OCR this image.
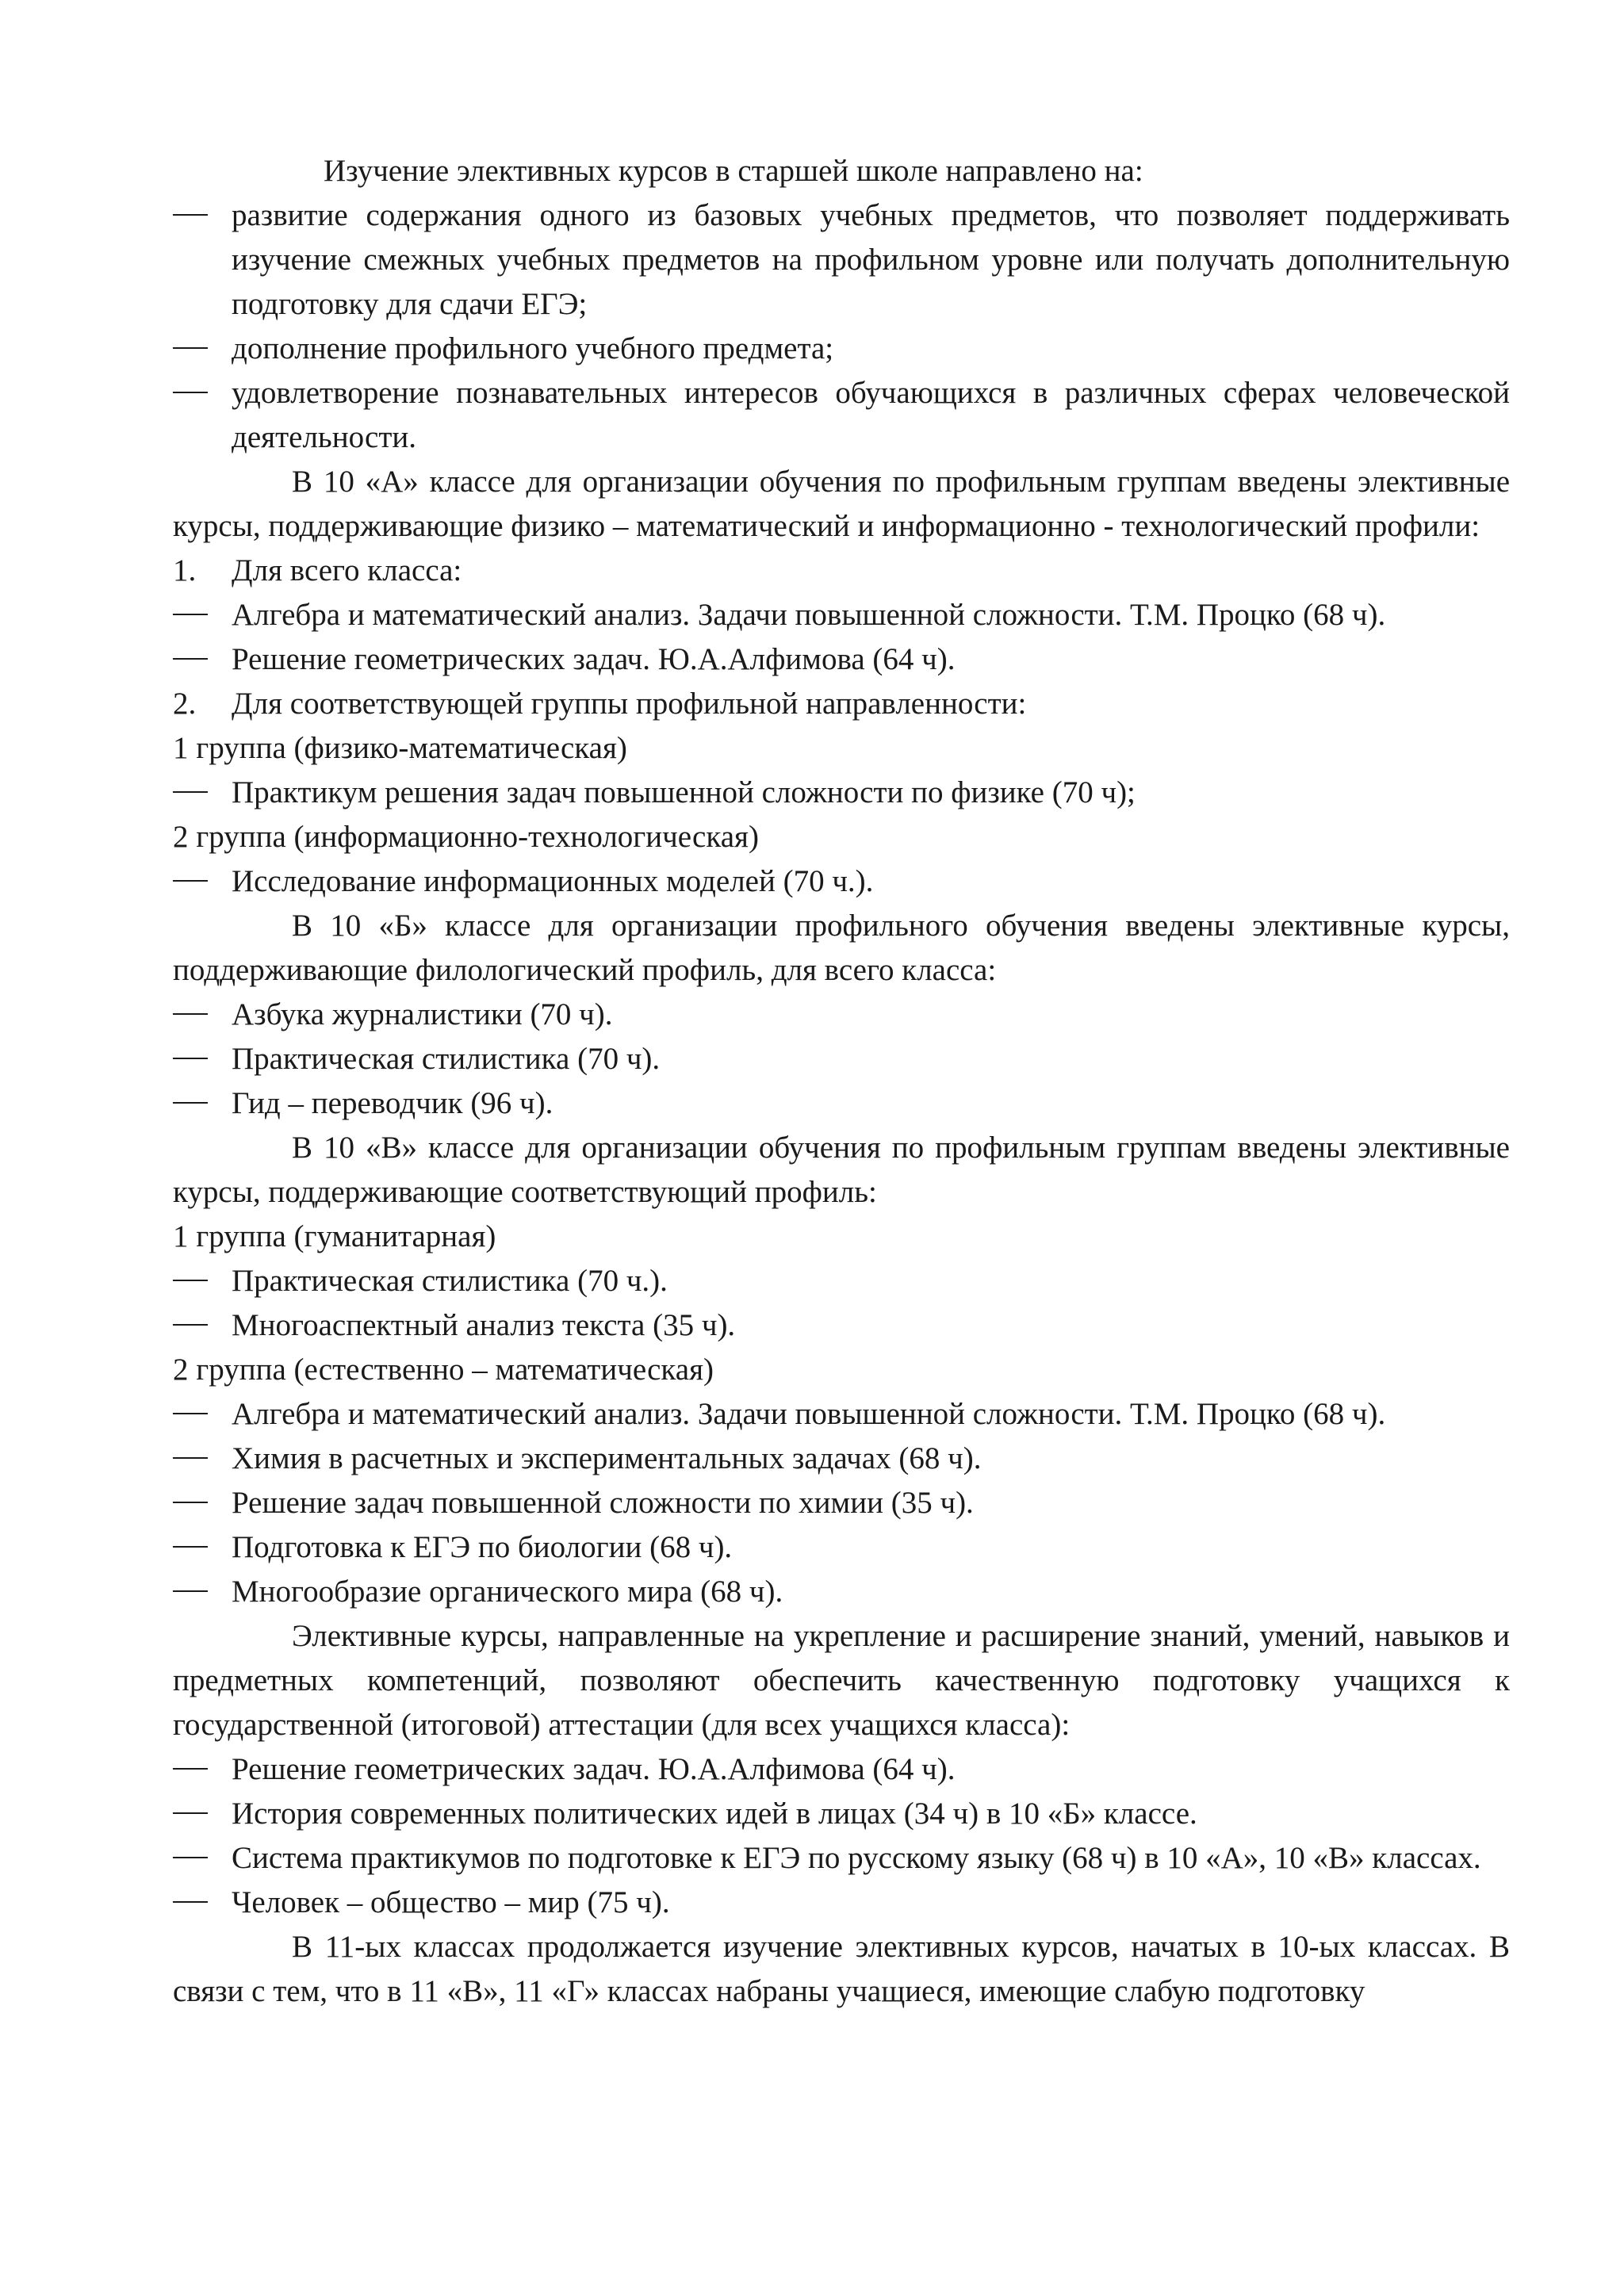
Изучение элективных курсов в старшей школе направлено на:

развитие содержания одного из базовых учебных предметов, что позволяет поддерживать изучение смежных учебных предметов на профильном уровне или получать дополнительную подготовку для сдачи ЕГЭ;
дополнение профильного учебного предмета;
удовлетворение познавательных интересов обучающихся в различных сферах человеческой деятельности.

В 10 «А» классе для организации обучения по профильным группам введены элективные курсы, поддерживающие физико – математический и информационно - технологический профили:

1.	Для всего класса:
Алгебра и математический анализ. Задачи повышенной сложности. Т.М. Процко (68 ч).
Решение геометрических задач. Ю.А.Алфимова (64 ч).
2.	Для соответствующей группы профильной направленности:

1 группа (физико-математическая)

Практикум решения задач повышенной сложности по физике (70 ч);

2 группа (информационно-технологическая)

Исследование информационных моделей (70 ч.).

В 10 «Б» классе для организации профильного обучения введены элективные курсы, поддерживающие филологический профиль, для всего класса:

Азбука журналистики (70 ч).
Практическая стилистика (70 ч).
Гид – переводчик (96 ч).

В 10 «В» классе для организации обучения по профильным группам введены элективные курсы, поддерживающие соответствующий профиль:

1 группа (гуманитарная)

Практическая стилистика (70 ч.).
Многоаспектный анализ текста (35 ч).

2 группа (естественно – математическая)

Алгебра и математический анализ. Задачи повышенной сложности. Т.М. Процко (68 ч).
Химия в расчетных и экспериментальных задачах (68 ч).
Решение задач повышенной сложности по химии (35 ч).
Подготовка к ЕГЭ по биологии (68 ч).
Многообразие органического мира (68 ч).

Элективные курсы, направленные на укрепление и расширение знаний, умений, навыков и предметных компетенций, позволяют обеспечить качественную подготовку учащихся к государственной (итоговой) аттестации (для всех учащихся класса):

Решение геометрических задач. Ю.А.Алфимова (64 ч).
История современных политических идей в лицах (34 ч) в 10 «Б» классе.
Система практикумов по подготовке к ЕГЭ по русскому языку (68 ч) в 10 «А», 10 «В» классах.
Человек – общество – мир (75 ч).

В 11-ых классах продолжается изучение элективных курсов, начатых в 10-ых классах. В связи с тем, что в 11 «В», 11 «Г» классах набраны учащиеся, имеющие слабую подготовку
